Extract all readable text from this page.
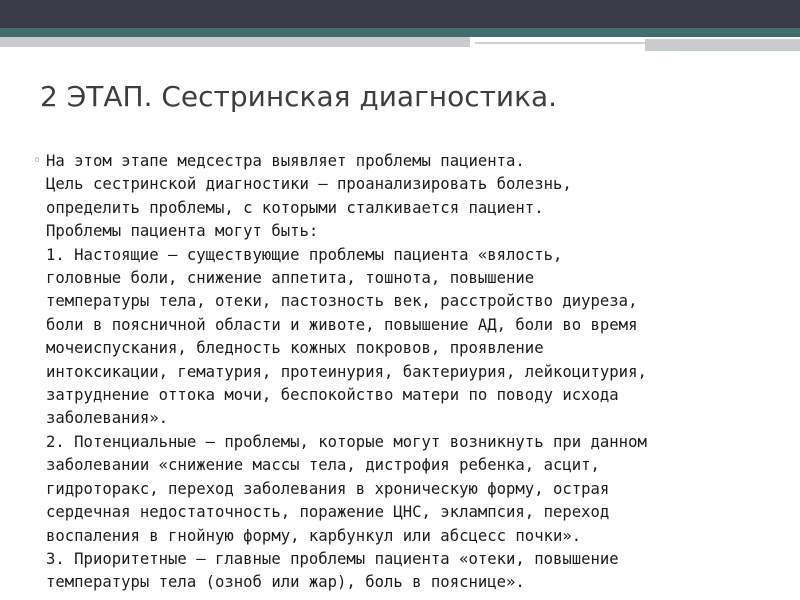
2 ЭТАП. Сестринская диагностика.
◦ На этом этапе медсестра выявляет проблемы пациента.
Цель сестринской диагностики – проанализировать болезнь,
определить проблемы, с которыми сталкивается пациент.
Проблемы пациента могут быть:
1. Настоящие – существующие проблемы пациента «вялость,
головные боли, снижение аппетита, тошнота, повышение
температуры тела, отеки, пастозность век, расстройство диуреза,
боли в поясничной области и животе, повышение АД, боли во время
мочеиспускания, бледность кожных покровов, проявление
интоксикации, гематурия, протеинурия, бактериурия, лейкоцитурия,
затруднение оттока мочи, беспокойство матери по поводу исхода
заболевания».
2. Потенциальные – проблемы, которые могут возникнуть при данном
заболевании «снижение массы тела, дистрофия ребенка, асцит,
гидроторакс, переход заболевания в хроническую форму, острая
сердечная недостаточность, поражение ЦНС, эклампсия, переход
воспаления в гнойную форму, карбункул или абсцесс почки».
3. Приоритетные – главные проблемы пациента «отеки, повышение
температуры тела (озноб или жар), боль в пояснице».
